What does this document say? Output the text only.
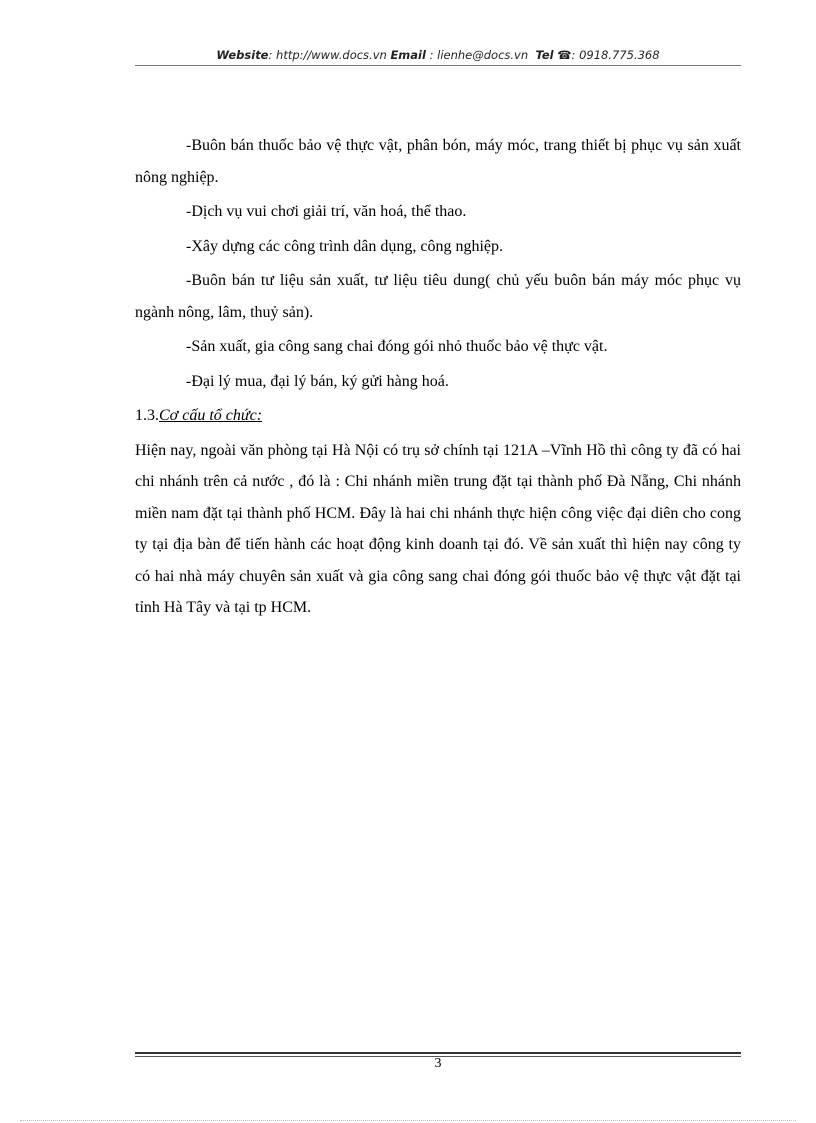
Website: http://www.docs.vn Email : lienhe@docs.vn Tel ☎: 0918.775.368

-Buôn bán thuốc bảo vệ thực vật, phân bón, máy móc, trang thiết bị phục vụ sản xuất nông nghiệp.

-Dịch vụ vui chơi giải trí, văn hoá, thể thao.

-Xây dựng các công trình dân dụng, công nghiệp.

-Buôn bán tư liệu sản xuất, tư liệu tiêu dung( chủ yếu buôn bán máy móc phục vụ ngành nông, lâm, thuỷ sản).

-Sản xuất, gia công sang chai đóng gói nhỏ thuốc bảo vệ thực vật.

-Đại lý mua, đại lý bán, ký gửi hàng hoá.

1.3.Cơ cấu tổ chức:

Hiện nay, ngoài văn phòng tại Hà Nội có trụ sở chính tại 121A –Vĩnh Hồ thì công ty đã có hai chi nhánh trên cả nước , đó là : Chi nhánh miền trung đặt tại thành phố Đà Nẵng, Chi nhánh miền nam đặt tại thành phố HCM. Đây là hai chi nhánh thực hiện công việc đại diên cho cong ty tại địa bàn để tiến hành các hoạt động kinh doanh tại đó. Về sản xuất thì hiện nay công ty có hai nhà máy chuyên sản xuất và gia công sang chai đóng gói thuốc bảo vệ thực vật đặt tại tỉnh Hà Tây và tại tp HCM.

3
